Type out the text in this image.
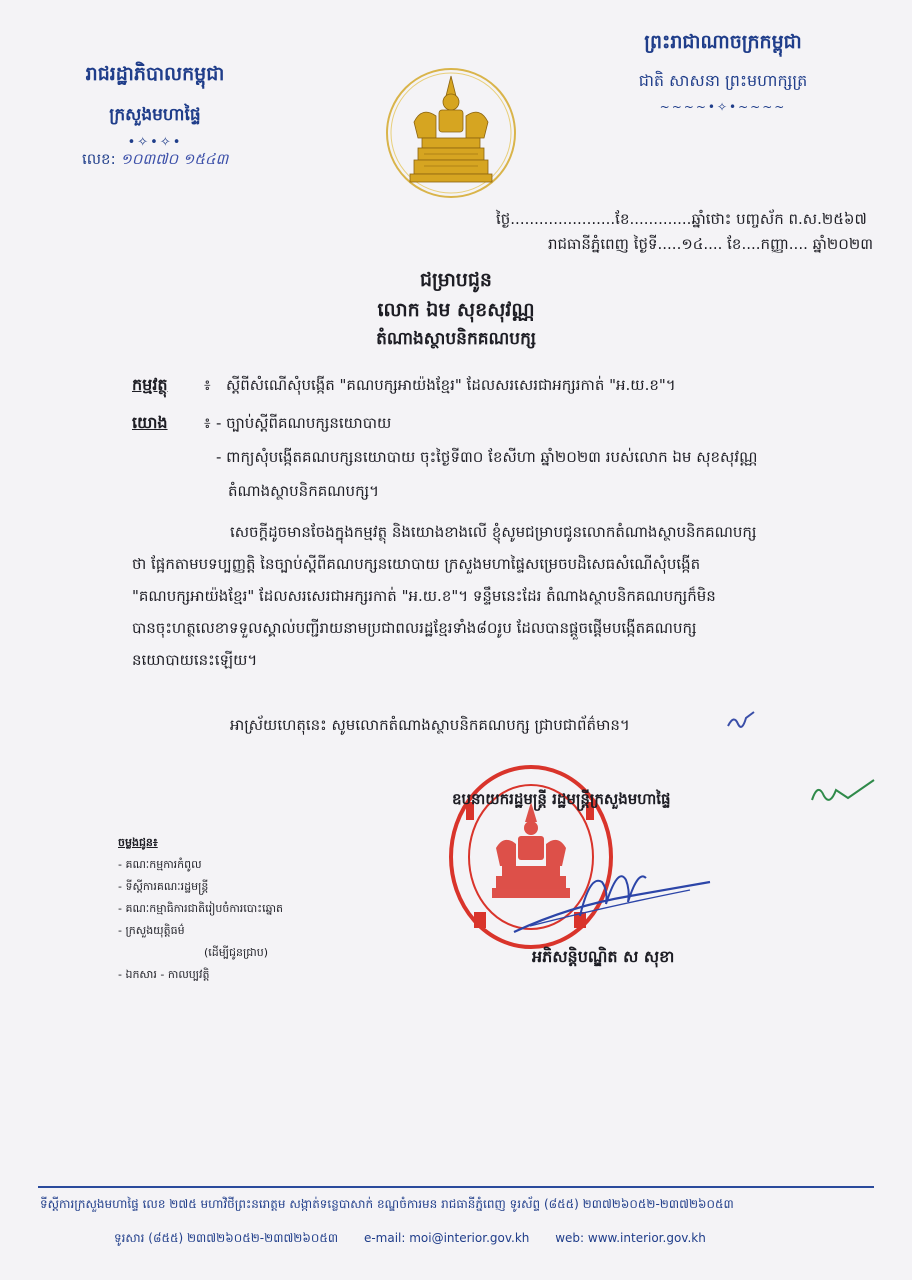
រាជរដ្ឋាភិបាលកម្ពុជា
ក្រសួងមហាផ្ទៃ
•✧•✧•
លេខ: ១០៣៧០ ១៥៤៣
ព្រះរាជាណាចក្រកម្ពុជា
ជាតិ សាសនា ព្រះមហាក្សត្រ
~~~~•✧•~~~~
ថ្ងៃ......................ខែ.............ឆ្នាំថោះ បញ្ចស័ក ព.ស.២៥៦៧
រាជធានីភ្នំពេញ ថ្ងៃទី.....១៤.... ខែ....កញ្ញា.... ឆ្នាំ២០២៣
ជម្រាបជូន
លោក ឯម សុខសុវណ្ណ
តំណាងស្ថាបនិកគណបក្ស
កម្មវត្ថុ ៖ ស្ដីពីសំណើសុំបង្កើត "គណបក្សអាយ៉ងខ្មែរ" ដែលសរសេរជាអក្សរកាត់ "អ.យ.ខ"។
យោង ៖ - ច្បាប់ស្ដីពីគណបក្សនយោបាយ
- ពាក្យសុំបង្កើតគណបក្សនយោបាយ ចុះថ្ងៃទី៣០ ខែសីហា ឆ្នាំ២០២៣ របស់លោក ឯម សុខសុវណ្ណ
តំណាងស្ថាបនិកគណបក្ស។
សេចក្ដីដូចមានចែងក្នុងកម្មវត្ថុ និងយោងខាងលើ ខ្ញុំសូមជម្រាបជូនលោកតំណាងស្ថាបនិកគណបក្ស
ថា ផ្អែកតាមបទប្បញ្ញត្តិ នៃច្បាប់ស្ដីពីគណបក្សនយោបាយ ក្រសួងមហាផ្ទៃសម្រេចបដិសេធសំណើសុំបង្កើត
"គណបក្សអាយ៉ងខ្មែរ" ដែលសរសេរជាអក្សរកាត់ "អ.យ.ខ"។ ទន្ទឹមនេះដែរ តំណាងស្ថាបនិកគណបក្សក៏មិន
បានចុះហត្ថលេខាទទួលស្គាល់បញ្ជីរាយនាមប្រជាពលរដ្ឋខ្មែរទាំង៨០រូប ដែលបានផ្ដួចផ្ដើមបង្កើតគណបក្ស
នយោបាយនេះឡើយ។
អាស្រ័យហេតុនេះ សូមលោកតំណាងស្ថាបនិកគណបក្ស ជ្រាបជាព័ត៌មាន។
ឧបនាយករដ្ឋមន្ត្រី រដ្ឋមន្ត្រីក្រសួងមហាផ្ទៃ
អភិសន្តិបណ្ឌិត ស សុខា
ចម្លងជូន៖
- គណៈកម្មការកំពូល
- ទីស្ដីការគណៈរដ្ឋមន្ត្រី
- គណៈកម្មាធិការជាតិរៀបចំការបោះឆ្នោត
- ក្រសួងយុត្តិធម៌
(ដើម្បីជូនជ្រាប)
- ឯកសារ - កាលប្បវត្តិ
ទីស្ដីការក្រសួងមហាផ្ទៃ លេខ ២៧៥ មហាវិថីព្រះនរោត្តម សង្កាត់ទន្លេបាសាក់ ខណ្ឌចំការមន រាជធានីភ្នំពេញ ទូរស័ព្ទ (៨៥៥) ២៣៧២៦០៥២-២៣៧២៦០៥៣
ទូរសារ (៨៥៥) ២៣៧២៦០៥២-២៣៧២៦០៥៣ e-mail: moi@interior.gov.kh web: www.interior.gov.kh
